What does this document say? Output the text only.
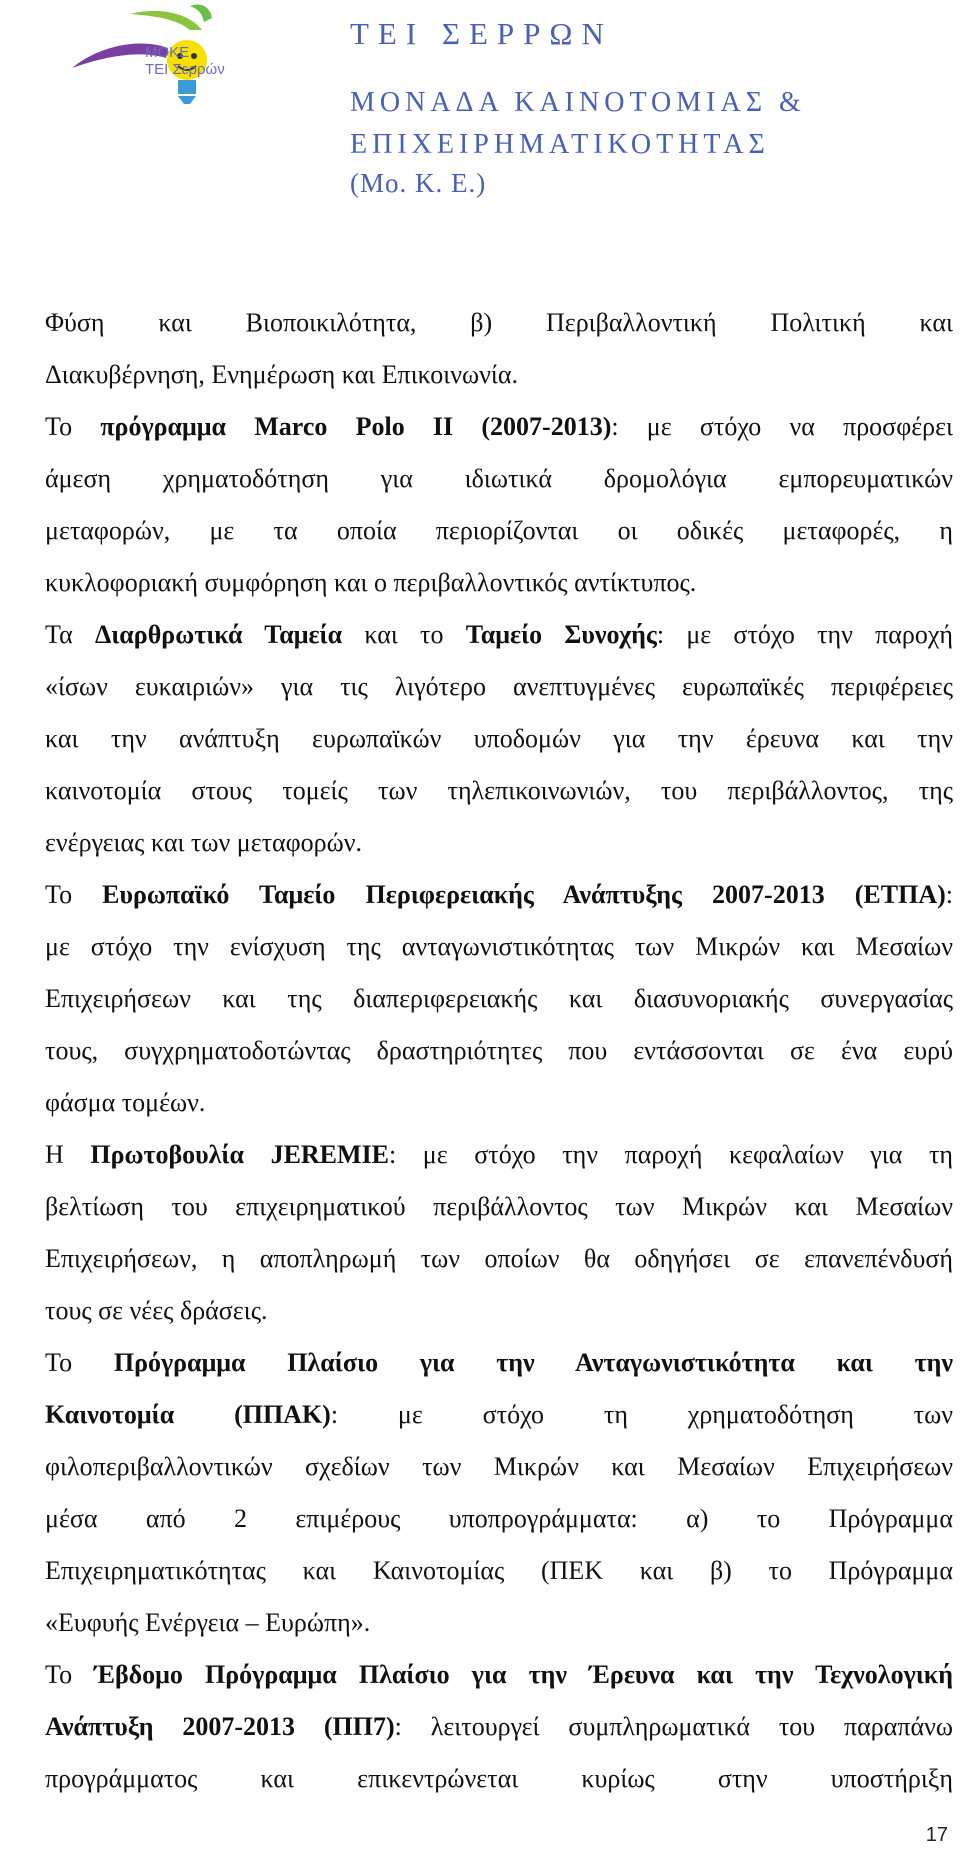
ΜΟΚΕ
ΤΕΙ Σερρών
ΤΕΙ ΣΕΡΡΩΝ
ΜΟΝΑΔΑ ΚΑΙΝΟΤΟΜΙΑΣ &
ΕΠΙΧΕΙΡΗΜΑΤΙΚΟΤΗΤΑΣ
(Μο. Κ. Ε.)
Φύση και Βιοποικιλότητα, β) Περιβαλλοντική Πολιτική και
Διακυβέρνηση, Ενημέρωση και Επικοινωνία.
Το πρόγραμμα Marco Polo II (2007-2013): με στόχο να προσφέρει
άμεση χρηματοδότηση για ιδιωτικά δρομολόγια εμπορευματικών
μεταφορών, με τα οποία περιορίζονται οι οδικές μεταφορές, η
κυκλοφοριακή συμφόρηση και ο περιβαλλοντικός αντίκτυπος.
Τα Διαρθρωτικά Ταμεία και το Ταμείο Συνοχής: με στόχο την παροχή
«ίσων ευκαιριών» για τις λιγότερο ανεπτυγμένες ευρωπαϊκές περιφέρειες
και την ανάπτυξη ευρωπαϊκών υποδομών για την έρευνα και την
καινοτομία στους τομείς των τηλεπικοινωνιών, του περιβάλλοντος, της
ενέργειας και των μεταφορών.
Το Ευρωπαϊκό Ταμείο Περιφερειακής Ανάπτυξης 2007-2013 (ΕΤΠΑ):
με στόχο την ενίσχυση της ανταγωνιστικότητας των Μικρών και Μεσαίων
Επιχειρήσεων και της διαπεριφερειακής και διασυνοριακής συνεργασίας
τους, συγχρηματοδοτώντας δραστηριότητες που εντάσσονται σε ένα ευρύ
φάσμα τομέων.
Η Πρωτοβουλία JEREMIE: με στόχο την παροχή κεφαλαίων για τη
βελτίωση του επιχειρηματικού περιβάλλοντος των Μικρών και Μεσαίων
Επιχειρήσεων, η αποπληρωμή των οποίων θα οδηγήσει σε επανεπένδυσή
τους σε νέες δράσεις.
Το Πρόγραμμα Πλαίσιο για την Ανταγωνιστικότητα και την
Καινοτομία (ΠΠΑΚ): με στόχο τη χρηματοδότηση των
φιλοπεριβαλλοντικών σχεδίων των Μικρών και Μεσαίων Επιχειρήσεων
μέσα από 2 επιμέρους υποπρογράμματα: α) το Πρόγραμμα
Επιχειρηματικότητας και Καινοτομίας (ΠΕΚ και β) το Πρόγραμμα
«Ευφυής Ενέργεια – Ευρώπη».
Το Έβδομο Πρόγραμμα Πλαίσιο για την Έρευνα και την Τεχνολογική
Ανάπτυξη 2007-2013 (ΠΠ7): λειτουργεί συμπληρωματικά του παραπάνω
προγράμματος και επικεντρώνεται κυρίως στην υποστήριξη
17
